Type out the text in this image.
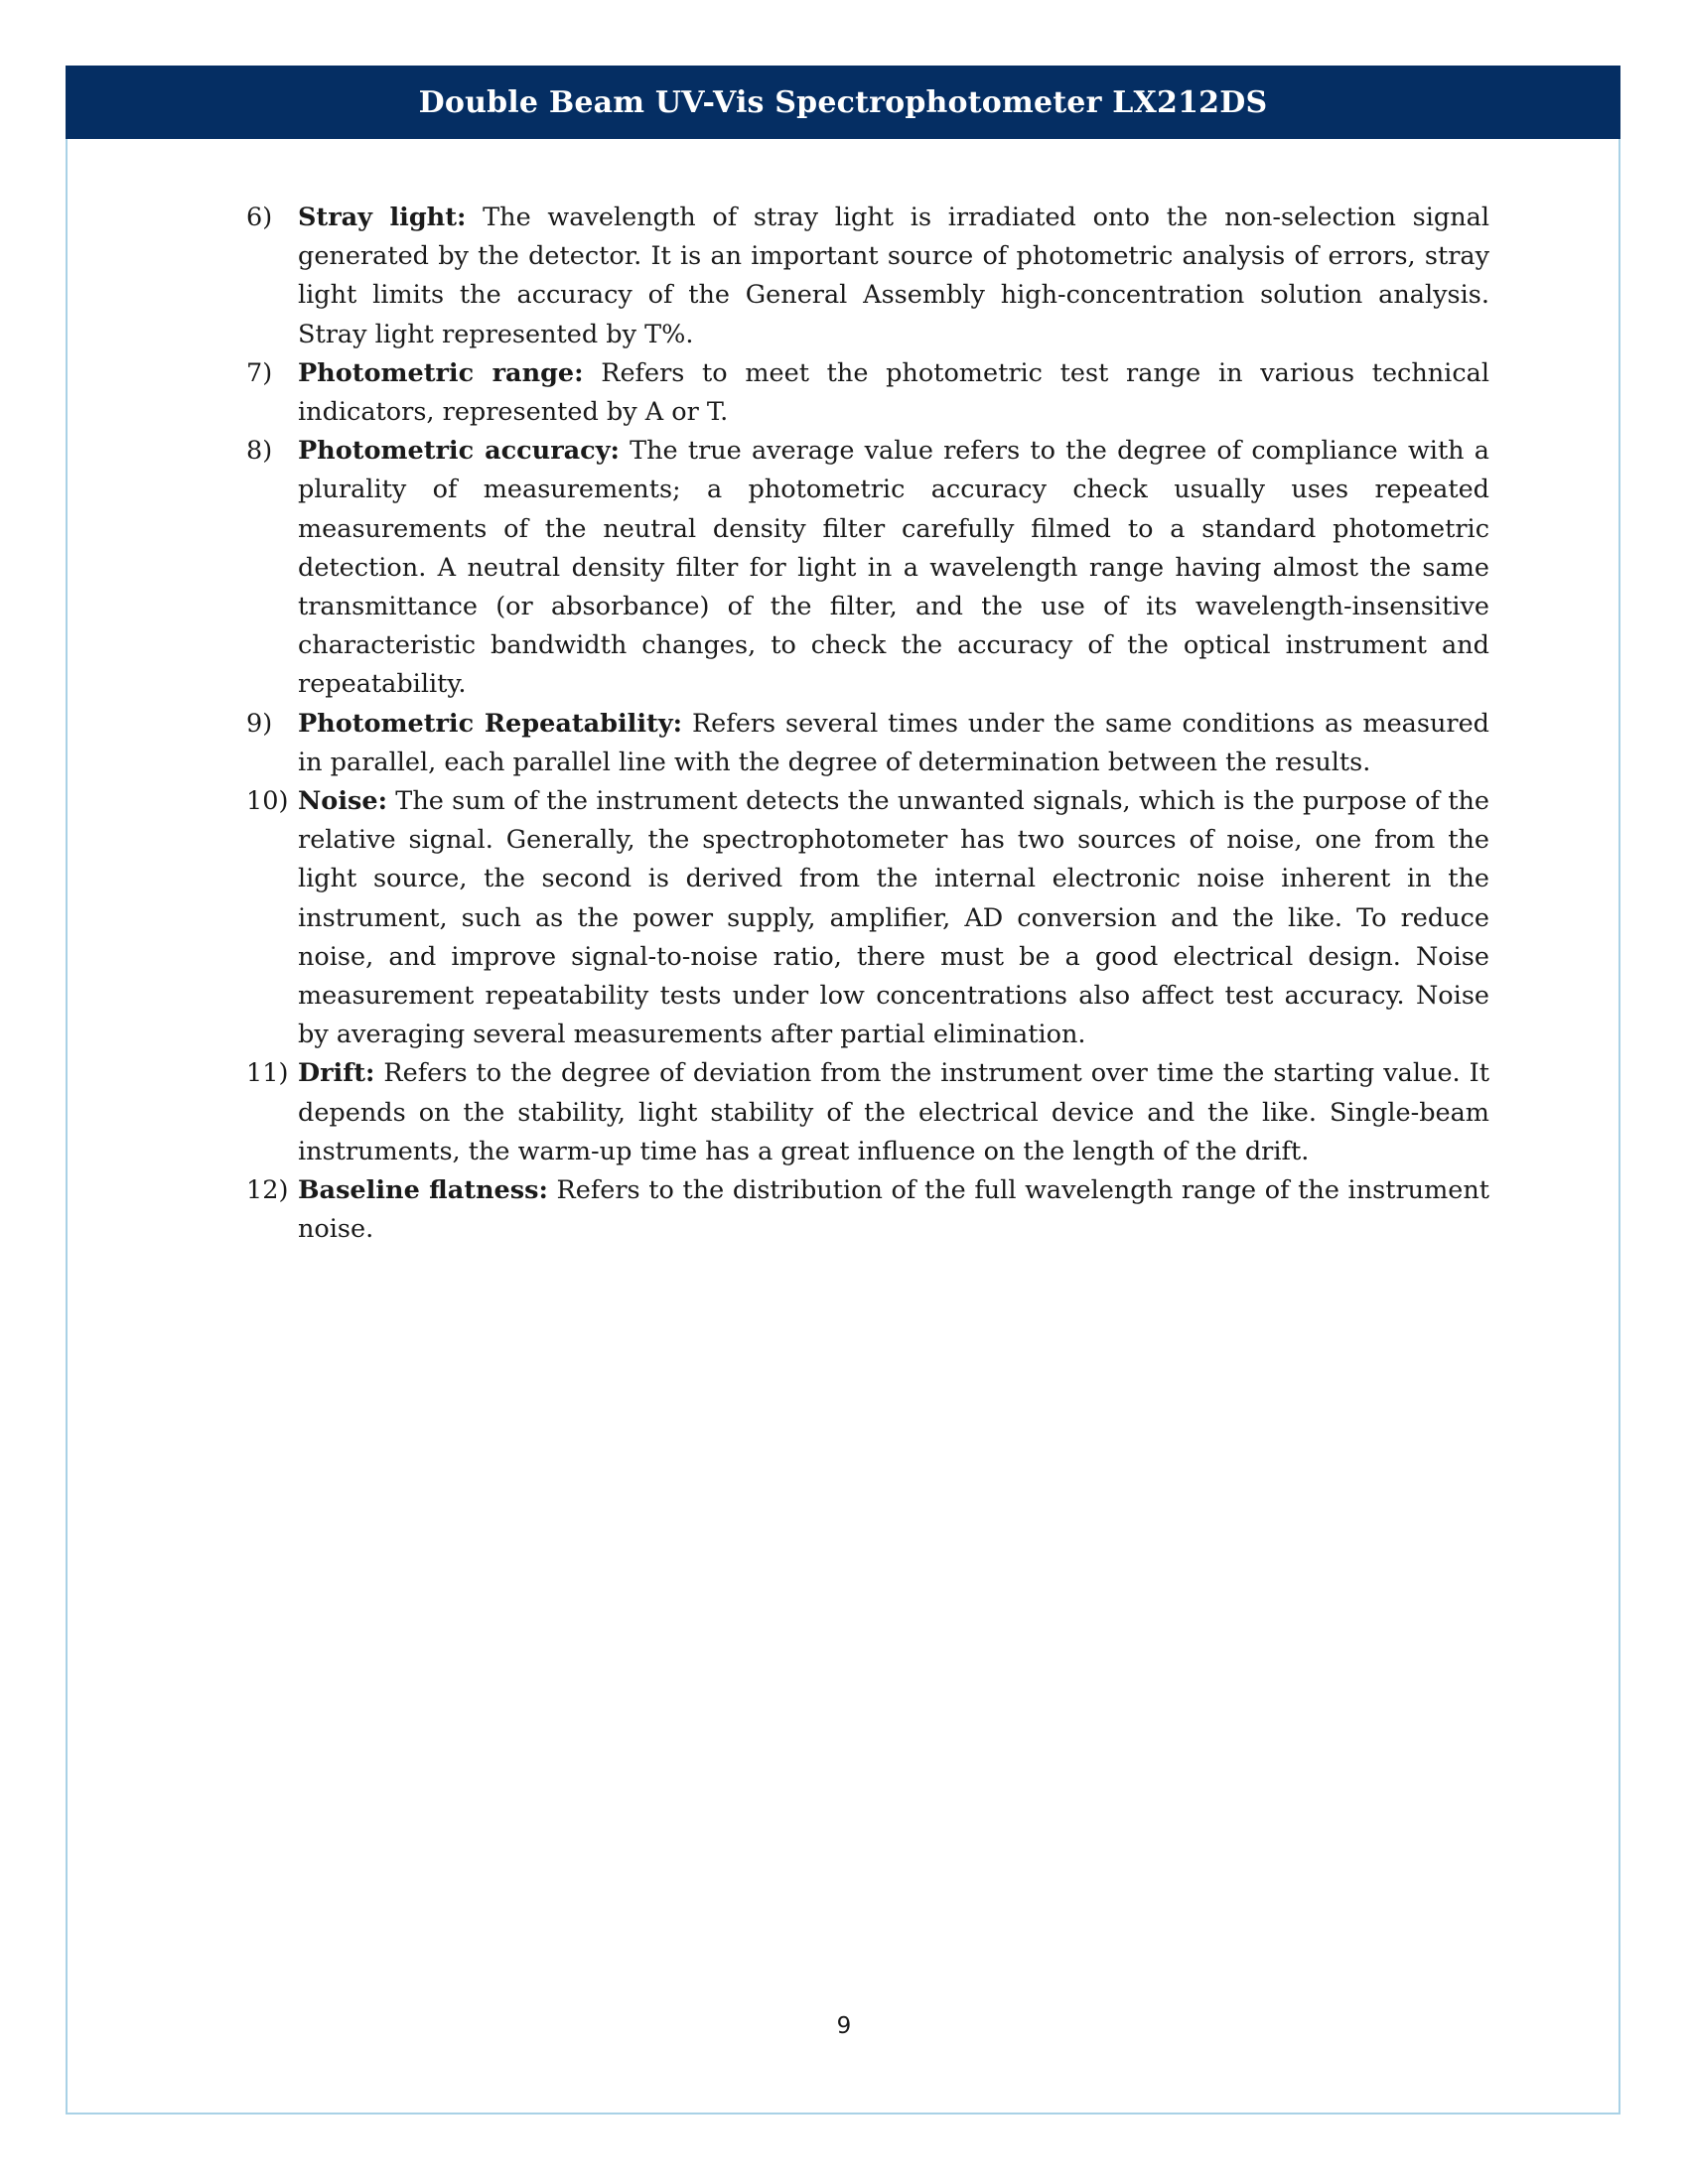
Double Beam UV-Vis Spectrophotometer LX212DS
6)	Stray light: The wavelength of stray light is irradiated onto the non-selection signal generated by the detector. It is an important source of photometric analysis of errors, stray light limits the accuracy of the General Assembly high-concentration solution analysis. Stray light represented by T%.
7)	Photometric range: Refers to meet the photometric test range in various technical indicators, represented by A or T.
8)	Photometric accuracy: The true average value refers to the degree of compliance with a plurality of measurements; a photometric accuracy check usually uses repeated measurements of the neutral density filter carefully filmed to a standard photometric detection. A neutral density filter for light in a wavelength range having almost the same transmittance (or absorbance) of the filter, and the use of its wavelength-insensitive characteristic bandwidth changes, to check the accuracy of the optical instrument and repeatability.
9)	Photometric Repeatability: Refers several times under the same conditions as measured in parallel, each parallel line with the degree of determination between the results.
10) Noise: The sum of the instrument detects the unwanted signals, which is the purpose of the relative signal. Generally, the spectrophotometer has two sources of noise, one from the light source, the second is derived from the internal electronic noise inherent in the instrument, such as the power supply, amplifier, AD conversion and the like. To reduce noise, and improve signal-to-noise ratio, there must be a good electrical design. Noise measurement repeatability tests under low concentrations also affect test accuracy. Noise by averaging several measurements after partial elimination.
11) Drift: Refers to the degree of deviation from the instrument over time the starting value. It depends on the stability, light stability of the electrical device and the like. Single-beam instruments, the warm-up time has a great influence on the length of the drift.
12) Baseline flatness: Refers to the distribution of the full wavelength range of the instrument noise.
9
